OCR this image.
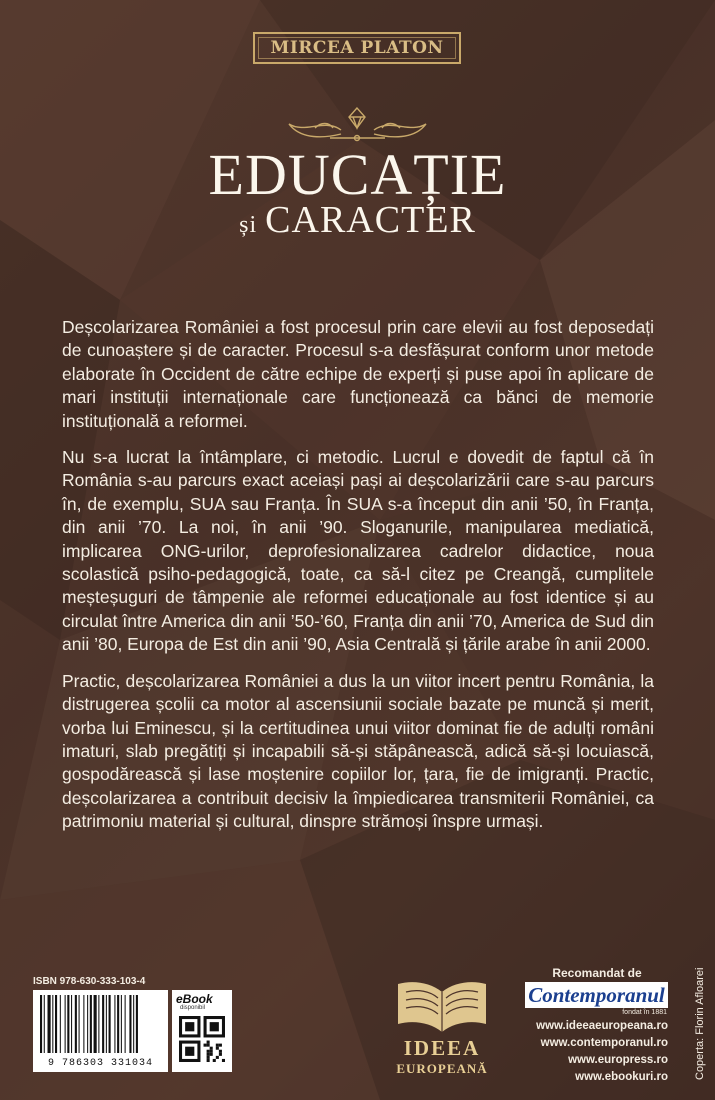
MIRCEA PLATON
EDUCAȚIE
și CARACTER

Deșcolarizarea României a fost procesul prin care elevii au fost deposedați de cunoaștere și de caracter. Procesul s-a desfășurat conform unor metode elaborate în Occident de către echipe de experți și puse apoi în aplicare de mari instituții internaționale care funcționează ca bănci de memorie instituțională a reformei.

Nu s-a lucrat la întâmplare, ci metodic. Lucrul e dovedit de faptul că în România s-au parcurs exact aceiași pași ai deșcolarizării care s-au parcurs în, de exemplu, SUA sau Franța. În SUA s-a început din anii ’50, în Franța, din anii ’70. La noi, în anii ’90. Sloganurile, manipularea mediatică, implicarea ONG-urilor, deprofesionalizarea cadrelor didactice, noua scolastică psiho-pedagogică, toate, ca să-l citez pe Creangă, cumplitele meșteșuguri de tâmpenie ale reformei educaționale au fost identice și au circulat între America din anii ’50-’60, Franța din anii ’70, America de Sud din anii ’80, Europa de Est din anii ’90, Asia Centrală și țările arabe în anii 2000.

Practic, deșcolarizarea României a dus la un viitor incert pentru România, la distrugerea școlii ca motor al ascensiunii sociale bazate pe muncă și merit, vorba lui Eminescu, și la certitudinea unui viitor dominat fie de adulți români imaturi, slab pregătiți și incapabili să-și stăpânească, adică să-și locuiască, gospodărească și lase moștenire copiilor lor, țara, fie de imigranți. Practic, deșcolarizarea a contribuit decisiv la împiedicarea transmiterii României, ca patrimoniu material și cultural, dinspre strămoși înspre urmași.

ISBN 978-630-333-103-4
9 786303 331034
eBook
disponibil
IDEEA
EUROPEANĂ
Recomandat de
Contemporanul
fondat în 1881
www.ideeaeuropeana.ro
www.contemporanul.ro
www.europress.ro
www.ebookuri.ro Coperta: Florin Afloarei
